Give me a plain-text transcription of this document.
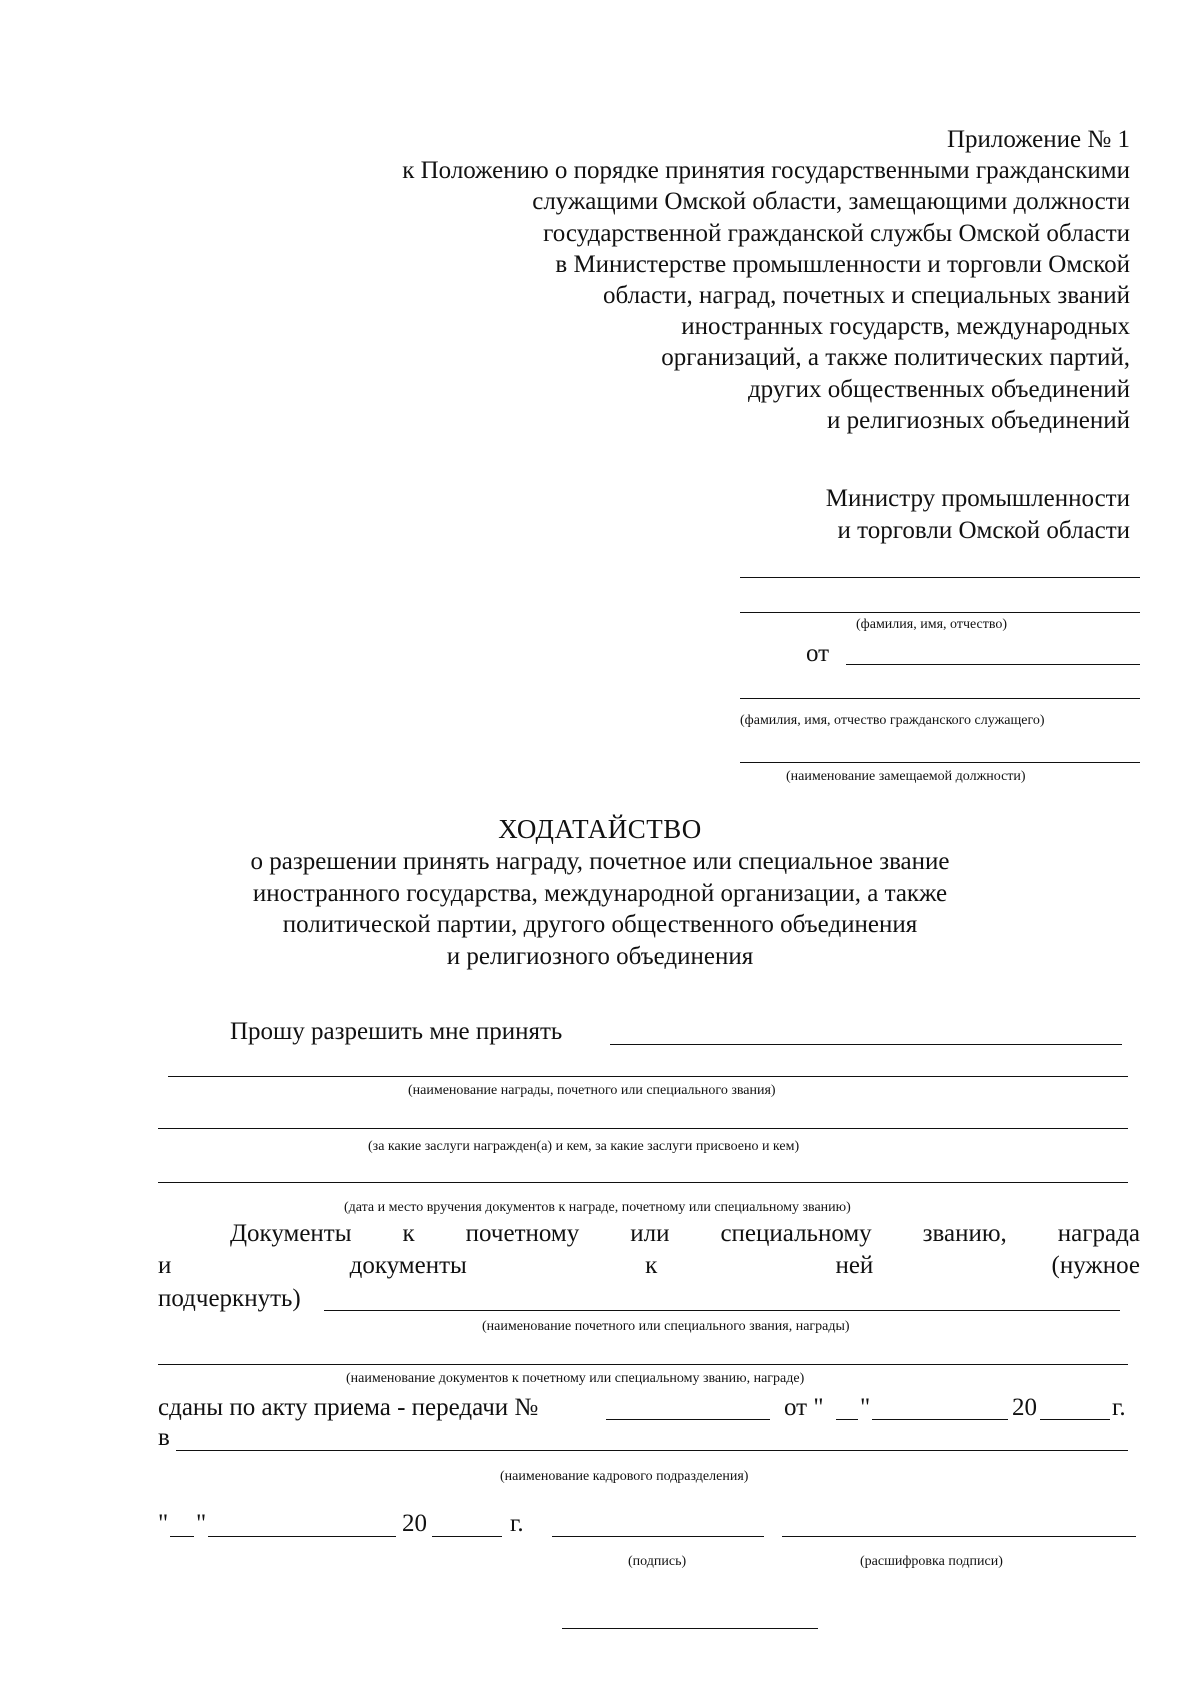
Приложение № 1
к Положению о порядке принятия государственными гражданскими
служащими Омской области, замещающими должности
государственной гражданской службы Омской области
в Министерстве промышленности и торговли Омской
области, наград, почетных и специальных званий
иностранных государств, международных
организаций, а также политических партий,
других общественных объединений
и религиозных объединений
Министру промышленности
и торговли Омской области
(фамилия, имя, отчество)
от
(фамилия, имя, отчество гражданского служащего)
(наименование замещаемой должности)
ХОДАТАЙСТВО
о разрешении принять награду, почетное или специальное звание
иностранного государства, международной организации, а также
политической партии, другого общественного объединения
и религиозного объединения
Прошу разрешить мне принять
(наименование награды, почетного или специального звания)
(за какие заслуги награжден(а) и кем, за какие заслуги присвоено и кем)
(дата и место вручения документов к награде, почетному или специальному званию)
Документы к почетному или специальному званию, награда
и	документы	к	ней	(нужное
подчеркнуть)
(наименование почетного или специального звания, награды)
(наименование документов к почетному или специальному званию, награде)
сданы по акту приема - передачи №	от " "	20	г.
в
(наименование кадрового подразделения)
" "	20	г.
(подпись)	(расшифровка подписи)
